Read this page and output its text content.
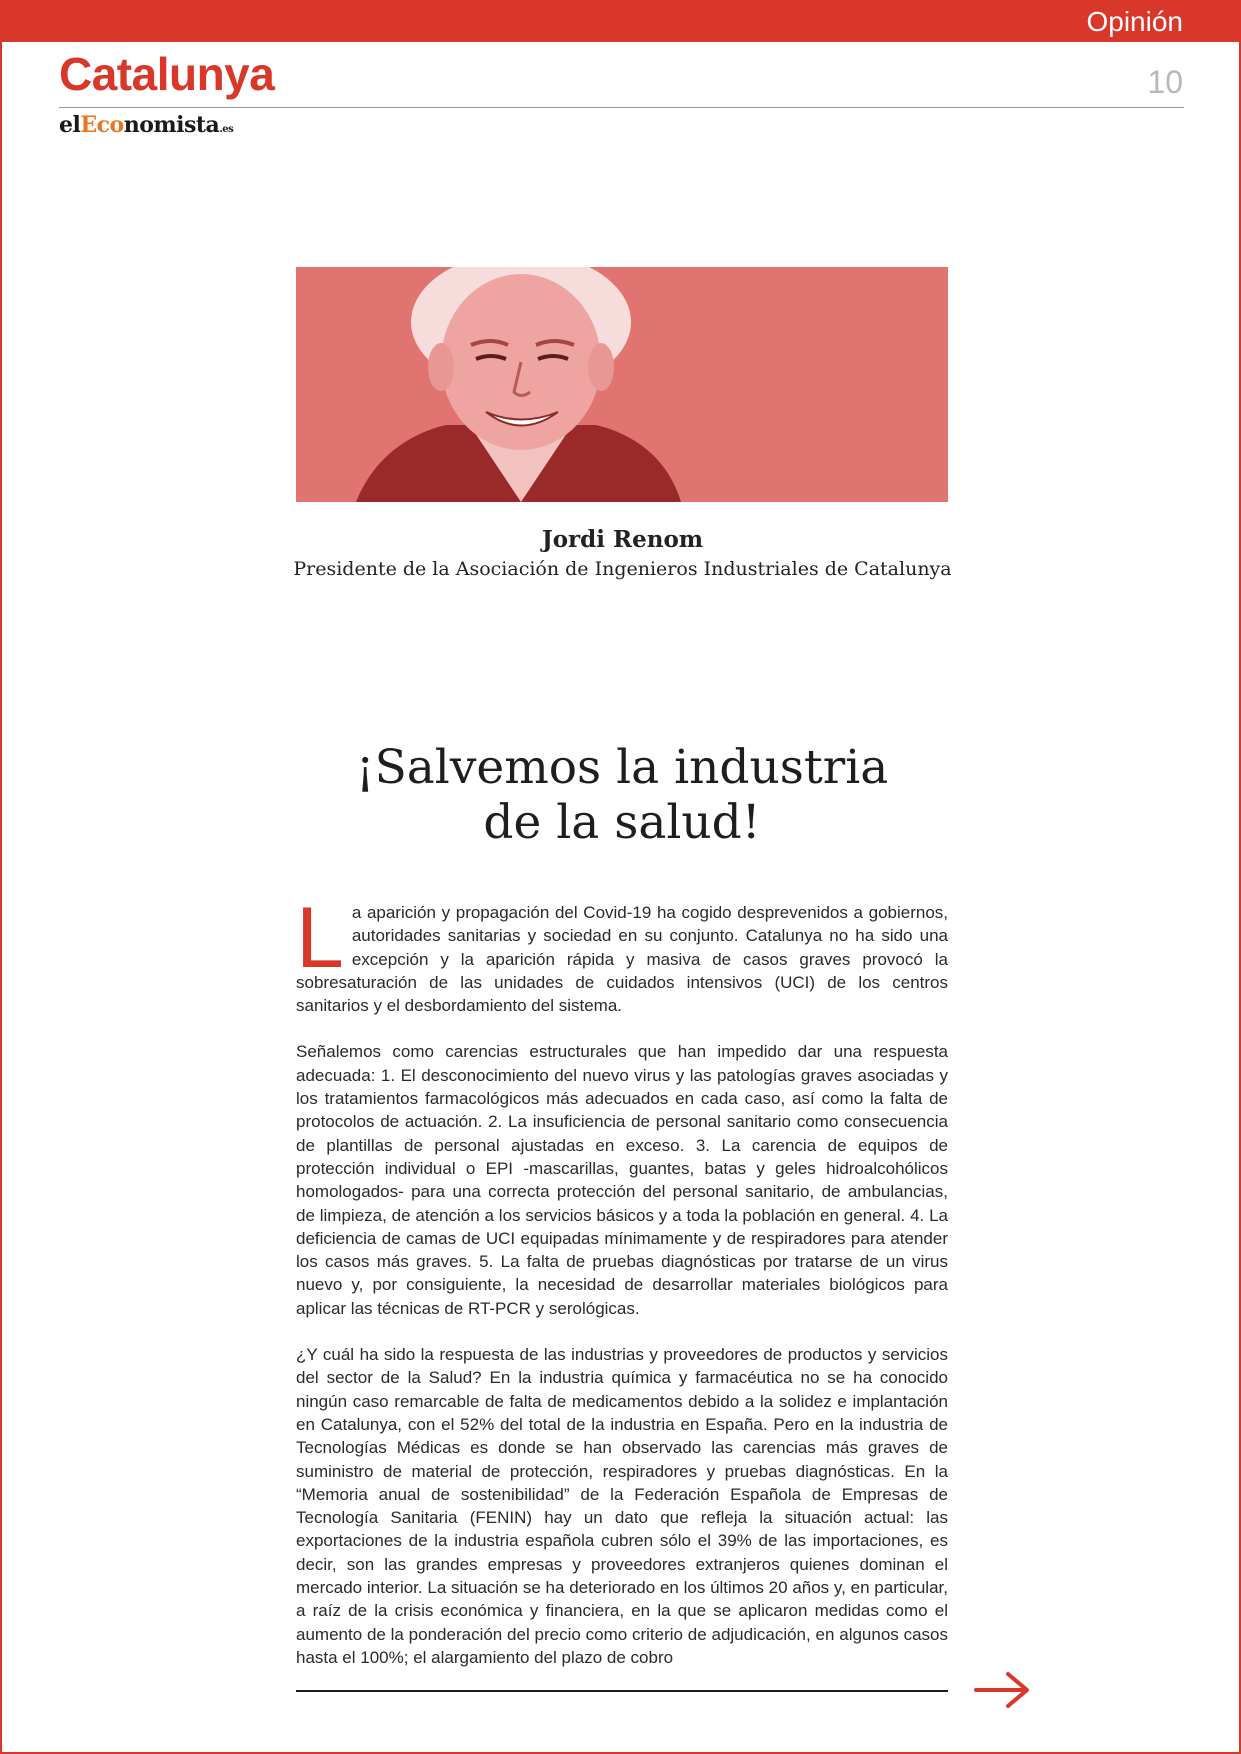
Opinión
Catalunya	10
elEconomista.es
Jordi Renom
Presidente de la Asociación de Ingenieros Industriales de Catalunya
¡Salvemos la industria
de la salud!

La aparición y propagación del Covid-19 ha cogido desprevenidos a gobiernos, autoridades sanitarias y sociedad en su conjunto. Catalunya no ha sido una excepción y la aparición rápida y masiva de casos graves provocó la sobresaturación de las unidades de cuidados intensivos (UCI) de los centros sanitarios y el desbordamiento del sistema.

Señalemos como carencias estructurales que han impedido dar una respuesta adecuada: 1. El desconocimiento del nuevo virus y las patologías graves asociadas y los tratamientos farmacológicos más adecuados en cada caso, así como la falta de protocolos de actuación. 2. La insuficiencia de personal sanitario como consecuencia de plantillas de personal ajustadas en exceso. 3. La carencia de equipos de protección individual o EPI -mascarillas, guantes, batas y geles hidroalcohólicos homologados- para una correcta protección del personal sanitario, de ambulancias, de limpieza, de atención a los servicios básicos y a toda la población en general. 4. La deficiencia de camas de UCI equipadas mínimamente y de respiradores para atender los casos más graves. 5. La falta de pruebas diagnósticas por tratarse de un virus nuevo y, por consiguiente, la necesidad de desarrollar materiales biológicos para aplicar las técnicas de RT-PCR y serológicas.

¿Y cuál ha sido la respuesta de las industrias y proveedores de productos y servicios del sector de la Salud? En la industria química y farmacéutica no se ha conocido ningún caso remarcable de falta de medicamentos debido a la solidez e implantación en Catalunya, con el 52% del total de la industria en España. Pero en la industria de Tecnologías Médicas es donde se han observado las carencias más graves de suministro de material de protección, respiradores y pruebas diagnósticas. En la “Memoria anual de sostenibilidad” de la Federación Española de Empresas de Tecnología Sanitaria (FENIN) hay un dato que refleja la situación actual: las exportaciones de la industria española cubren sólo el 39% de las importaciones, es decir, son las grandes empresas y proveedores extranjeros quienes dominan el mercado interior. La situación se ha deteriorado en los últimos 20 años y, en particular, a raíz de la crisis económica y financiera, en la que se aplicaron medidas como el aumento de la ponderación del precio como criterio de adjudicación, en algunos casos hasta el 100%; el alargamiento del plazo de cobro
